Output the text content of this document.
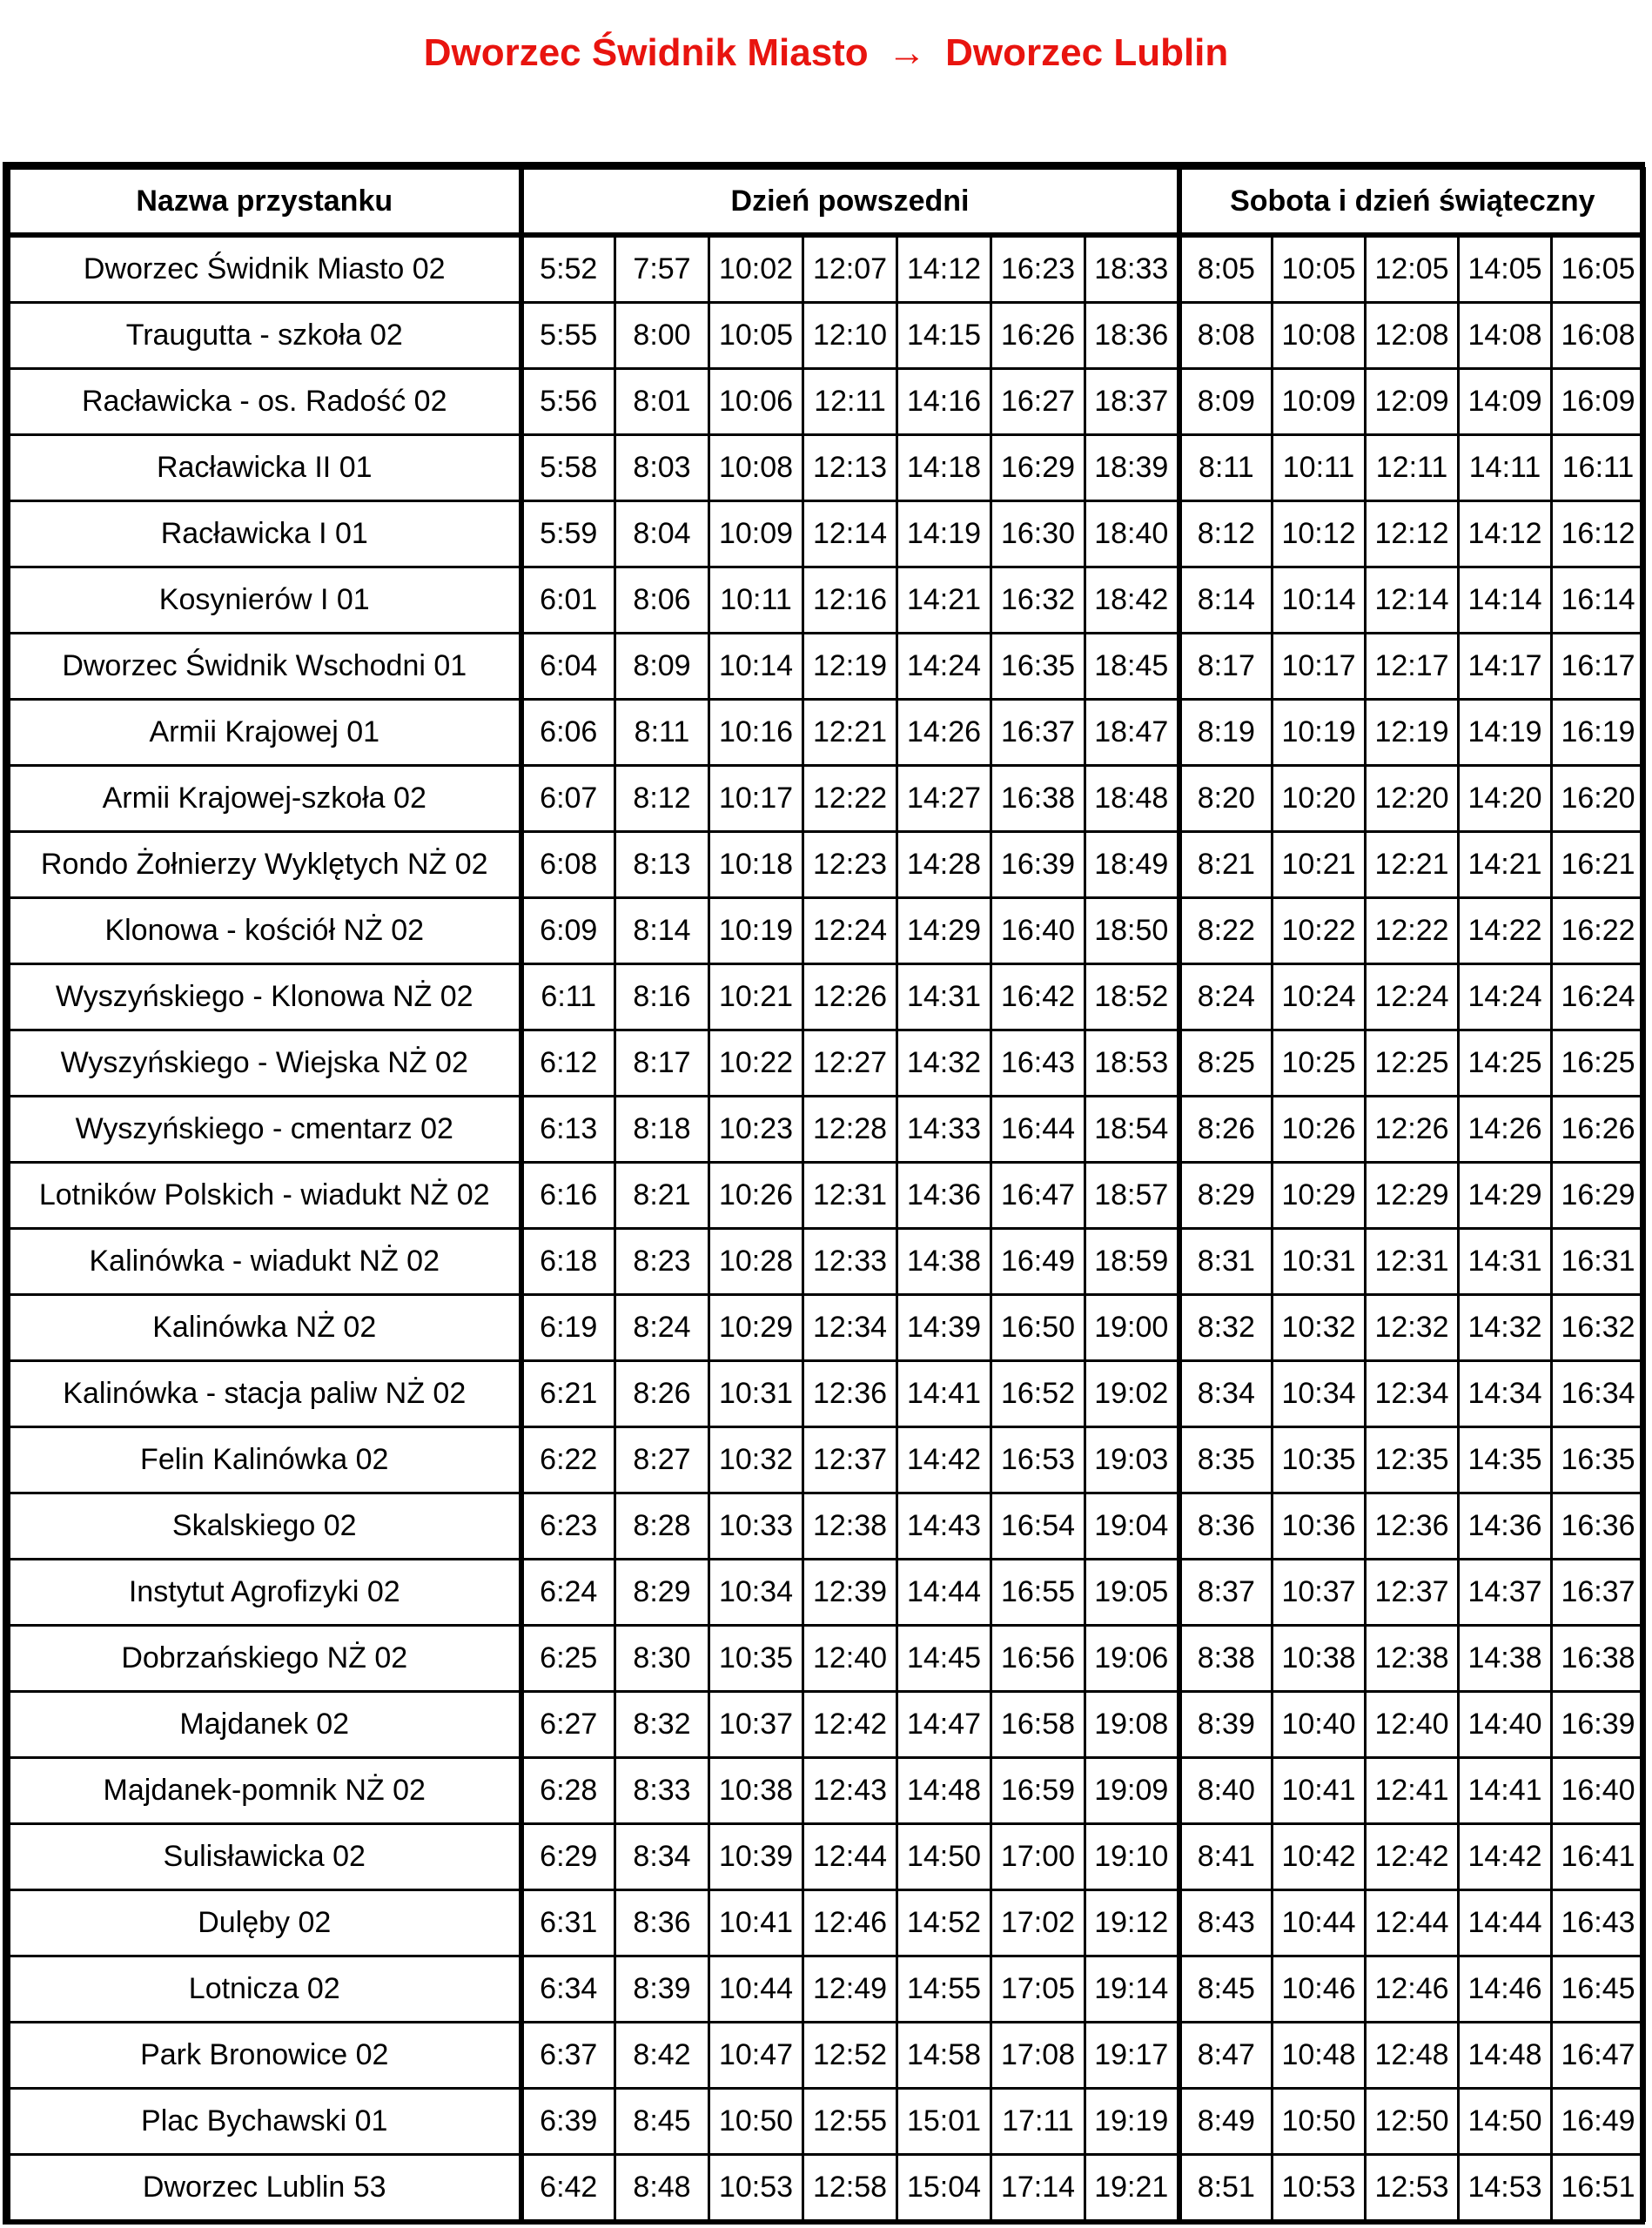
Dworzec Świdnik Miasto → Dworzec Lublin
Nazwa przystanku	Dzień powszedni							Sobota i dzień świąteczny				
Dworzec Świdnik Miasto 02	5:52	7:57	10:02	12:07	14:12	16:23	18:33	8:05	10:05	12:05	14:05	16:05
Traugutta - szkoła 02	5:55	8:00	10:05	12:10	14:15	16:26	18:36	8:08	10:08	12:08	14:08	16:08
Racławicka - os. Radość 02	5:56	8:01	10:06	12:11	14:16	16:27	18:37	8:09	10:09	12:09	14:09	16:09
Racławicka II 01	5:58	8:03	10:08	12:13	14:18	16:29	18:39	8:11	10:11	12:11	14:11	16:11
Racławicka I 01	5:59	8:04	10:09	12:14	14:19	16:30	18:40	8:12	10:12	12:12	14:12	16:12
Kosynierów I 01	6:01	8:06	10:11	12:16	14:21	16:32	18:42	8:14	10:14	12:14	14:14	16:14
Dworzec Świdnik Wschodni 01	6:04	8:09	10:14	12:19	14:24	16:35	18:45	8:17	10:17	12:17	14:17	16:17
Armii Krajowej 01	6:06	8:11	10:16	12:21	14:26	16:37	18:47	8:19	10:19	12:19	14:19	16:19
Armii Krajowej-szkoła 02	6:07	8:12	10:17	12:22	14:27	16:38	18:48	8:20	10:20	12:20	14:20	16:20
Rondo Żołnierzy Wyklętych NŻ 02	6:08	8:13	10:18	12:23	14:28	16:39	18:49	8:21	10:21	12:21	14:21	16:21
Klonowa - kościół NŻ 02	6:09	8:14	10:19	12:24	14:29	16:40	18:50	8:22	10:22	12:22	14:22	16:22
Wyszyńskiego - Klonowa NŻ 02	6:11	8:16	10:21	12:26	14:31	16:42	18:52	8:24	10:24	12:24	14:24	16:24
Wyszyńskiego - Wiejska NŻ 02	6:12	8:17	10:22	12:27	14:32	16:43	18:53	8:25	10:25	12:25	14:25	16:25
Wyszyńskiego - cmentarz 02	6:13	8:18	10:23	12:28	14:33	16:44	18:54	8:26	10:26	12:26	14:26	16:26
Lotników Polskich - wiadukt NŻ 02	6:16	8:21	10:26	12:31	14:36	16:47	18:57	8:29	10:29	12:29	14:29	16:29
Kalinówka - wiadukt NŻ 02	6:18	8:23	10:28	12:33	14:38	16:49	18:59	8:31	10:31	12:31	14:31	16:31
Kalinówka NŻ 02	6:19	8:24	10:29	12:34	14:39	16:50	19:00	8:32	10:32	12:32	14:32	16:32
Kalinówka - stacja paliw NŻ 02	6:21	8:26	10:31	12:36	14:41	16:52	19:02	8:34	10:34	12:34	14:34	16:34
Felin Kalinówka 02	6:22	8:27	10:32	12:37	14:42	16:53	19:03	8:35	10:35	12:35	14:35	16:35
Skalskiego 02	6:23	8:28	10:33	12:38	14:43	16:54	19:04	8:36	10:36	12:36	14:36	16:36
Instytut Agrofizyki 02	6:24	8:29	10:34	12:39	14:44	16:55	19:05	8:37	10:37	12:37	14:37	16:37
Dobrzańskiego NŻ 02	6:25	8:30	10:35	12:40	14:45	16:56	19:06	8:38	10:38	12:38	14:38	16:38
Majdanek 02	6:27	8:32	10:37	12:42	14:47	16:58	19:08	8:39	10:40	12:40	14:40	16:39
Majdanek-pomnik NŻ 02	6:28	8:33	10:38	12:43	14:48	16:59	19:09	8:40	10:41	12:41	14:41	16:40
Sulisławicka 02	6:29	8:34	10:39	12:44	14:50	17:00	19:10	8:41	10:42	12:42	14:42	16:41
Dulęby 02	6:31	8:36	10:41	12:46	14:52	17:02	19:12	8:43	10:44	12:44	14:44	16:43
Lotnicza 02	6:34	8:39	10:44	12:49	14:55	17:05	19:14	8:45	10:46	12:46	14:46	16:45
Park Bronowice 02	6:37	8:42	10:47	12:52	14:58	17:08	19:17	8:47	10:48	12:48	14:48	16:47
Plac Bychawski 01	6:39	8:45	10:50	12:55	15:01	17:11	19:19	8:49	10:50	12:50	14:50	16:49
Dworzec Lublin 53	6:42	8:48	10:53	12:58	15:04	17:14	19:21	8:51	10:53	12:53	14:53	16:51
